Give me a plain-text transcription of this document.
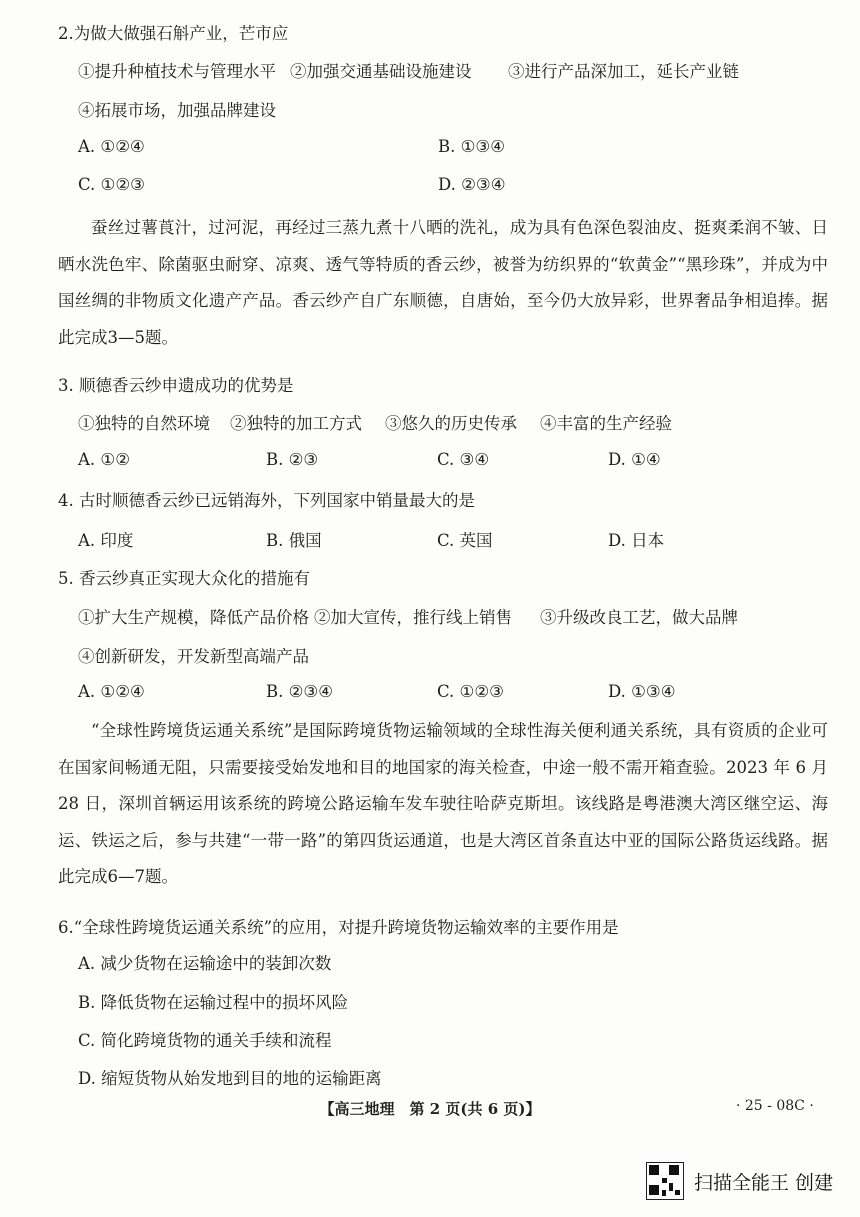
2.为做大做强石斛产业，芒市应
①提升种植技术与管理水平 ②加强交通基础设施建设 ③进行产品深加工，延长产业链
④拓展市场，加强品牌建设
A. ①②④	B. ①③④
C. ①②③	D. ②③④
蚕丝过薯莨汁，过河泥，再经过三蒸九煮十八晒的洗礼，成为具有色深色裂油皮、挺爽柔润不皱、日晒水洗色牢、除菌驱虫耐穿、凉爽、透气等特质的香云纱，被誉为纺织界的“软黄金”“黑珍珠”，并成为中国丝绸的非物质文化遗产产品。香云纱产自广东顺德，自唐始，至今仍大放异彩，世界奢品争相追捧。据此完成3—5题。
3. 顺德香云纱申遗成功的优势是
①独特的自然环境 ②独特的加工方式 ③悠久的历史传承 ④丰富的生产经验
A. ①②	B. ②③	C. ③④	D. ①④
4. 古时顺德香云纱已远销海外，下列国家中销量最大的是
A. 印度	B. 俄国	C. 英国	D. 日本
5. 香云纱真正实现大众化的措施有
①扩大生产规模，降低产品价格 ②加大宣传，推行线上销售 ③升级改良工艺，做大品牌
④创新研发，开发新型高端产品
A. ①②④	B. ②③④	C. ①②③	D. ①③④
“全球性跨境货运通关系统”是国际跨境货物运输领域的全球性海关便利通关系统，具有资质的企业可在国家间畅通无阻，只需要接受始发地和目的地国家的海关检查，中途一般不需开箱查验。2023 年 6 月 28 日，深圳首辆运用该系统的跨境公路运输车发车驶往哈萨克斯坦。该线路是粤港澳大湾区继空运、海运、铁运之后，参与共建“一带一路”的第四货运通道，也是大湾区首条直达中亚的国际公路货运线路。据此完成6—7题。
6.“全球性跨境货运通关系统”的应用，对提升跨境货物运输效率的主要作用是
A. 减少货物在运输途中的装卸次数
B. 降低货物在运输过程中的损坏风险
C. 简化跨境货物的通关手续和流程
D. 缩短货物从始发地到目的地的运输距离
【高三地理　第 2 页(共 6 页)】	· 25 - 08C ·
扫描全能王 创建
